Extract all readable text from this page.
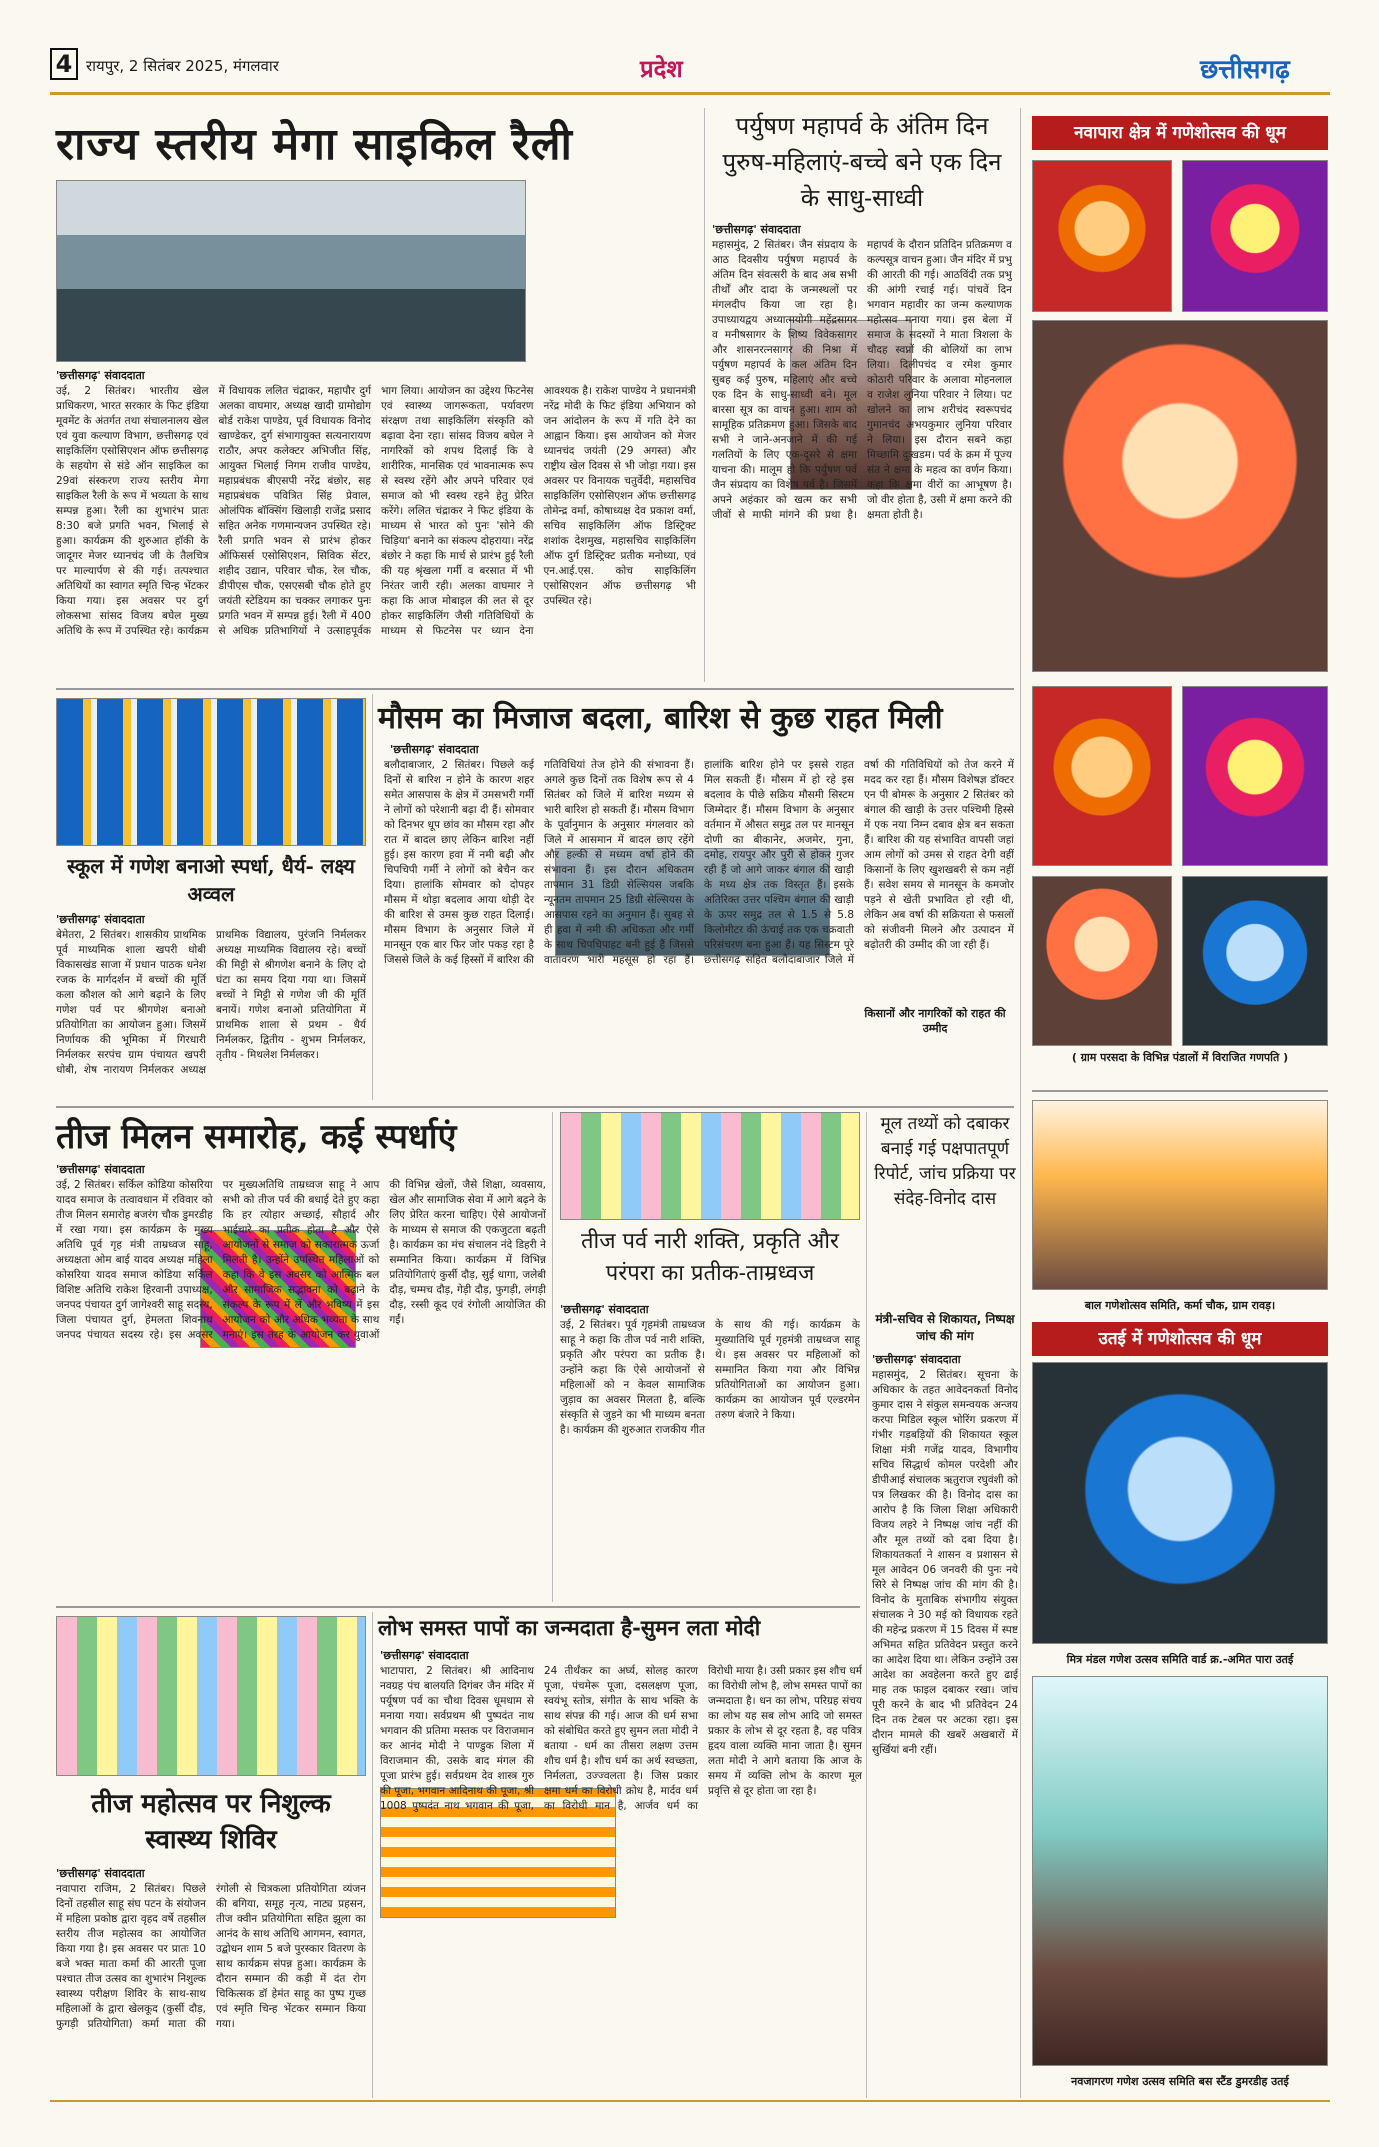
4 रायपुर, 2 सितंबर 2025, मंगलवार	प्रदेश	छत्तीसगढ़
राज्य स्तरीय मेगा साइकिल रैली
'छत्तीसगढ़' संवाददाता
उई, 2 सितंबर। भारतीय खेल प्राधिकरण, भारत सरकार के फिट इंडिया मूवमेंट के अंतर्गत तथा संचालनालय खेल एवं युवा कल्याण विभाग, छत्तीसगढ़ एवं साइकिलिंग एसोसिएशन ऑफ छत्तीसगढ़ के सहयोग से संडे ऑन साइकिल का 29वां संस्करण राज्य स्तरीय मेगा साइकिल रैली के रूप में भव्यता के साथ सम्पन्न हुआ। रैली का शुभारंभ प्रातः 8:30 बजे प्रगति भवन, भिलाई से हुआ। कार्यक्रम की शुरुआत हॉकी के जादूगर मेजर ध्यानचंद जी के तैलचित्र पर माल्यार्पण से की गई। तत्पश्चात अतिथियों का स्वागत स्मृति चिन्ह भेंटकर किया गया। इस अवसर पर दुर्ग लोकसभा सांसद विजय बघेल मुख्य अतिथि के रूप में उपस्थित रहे। कार्यक्रम में विधायक ललित चंद्राकर, महापौर दुर्ग अलका वाघमार, अध्यक्ष खादी ग्रामोद्योग बोर्ड राकेश पाण्डेय, पूर्व विधायक विनोद खाण्डेकर, दुर्ग संभागायुक्त सत्यनारायण राठौर, अपर कलेक्टर अभिजीत सिंह, आयुक्त भिलाई निगम राजीव पाण्डेय, महाप्रबंधक बीएसपी नरेंद्र बंछोर, सह महाप्रबंधक पवित्रित सिंह प्रेवाल, ओलंपिक बॉक्सिंग खिलाड़ी राजेंद्र प्रसाद सहित अनेक गणमान्यजन उपस्थित रहे। रैली प्रगति भवन से प्रारंभ होकर ऑफिसर्स एसोसिएशन, सिविक सेंटर, शहीद उद्यान, परिवार चौक, रेल चौक, डीपीएस चौक, एसएसबी चौक होते हुए जयंती स्टेडियम का चक्कर लगाकर पुनः प्रगति भवन में सम्पन्न हुई। रैली में 400 से अधिक प्रतिभागियों ने उत्साहपूर्वक भाग लिया। आयोजन का उद्देश्य फिटनेस एवं स्वास्थ्य जागरूकता, पर्यावरण संरक्षण तथा साइकिलिंग संस्कृति को बढ़ावा देना रहा। सांसद विजय बघेल ने नागरिकों को शपथ दिलाई कि वे शारीरिक, मानसिक एवं भावनात्मक रूप से स्वस्थ रहेंगे और अपने परिवार एवं समाज को भी स्वस्थ रहने हेतु प्रेरित करेंगे। ललित चंद्राकर ने फिट इंडिया के माध्यम से भारत को पुनः 'सोने की चिड़िया' बनाने का संकल्प दोहराया। नरेंद्र बंछोर ने कहा कि मार्च से प्रारंभ हुई रैली की यह श्रृंखला गर्मी व बरसात में भी निरंतर जारी रही। अलका वाघमार ने कहा कि आज मोबाइल की लत से दूर होकर साइकिलिंग जैसी गतिविधियों के माध्यम से फिटनेस पर ध्यान देना आवश्यक है। राकेश पाण्डेय ने प्रधानमंत्री नरेंद्र मोदी के फिट इंडिया अभियान को जन आंदोलन के रूप में गति देने का आह्वान किया। इस आयोजन को मेजर ध्यानचंद जयंती (29 अगस्त) और राष्ट्रीय खेल दिवस से भी जोड़ा गया। इस अवसर पर विनायक चतुर्वेदी, महासचिव साइकिलिंग एसोसिएशन ऑफ छत्तीसगढ़ तोमेन्द्र वर्मा, कोषाध्यक्ष देव प्रकाश वर्मा, सचिव साइकिलिंग ऑफ डिस्ट्रिक्ट शशांक देशमुख, महासचिव साइकिलिंग ऑफ दुर्ग डिस्ट्रिक्ट प्रतीक मनोध्या, एवं एन.आई.एस. कोच साइकिलिंग एसोसिएशन ऑफ छत्तीसगढ़ भी उपस्थित रहे।
पर्युषण महापर्व के अंतिम दिन पुरुष-महिलाएं-बच्चे बने एक दिन के साधु-साध्वी
'छत्तीसगढ़' संवाददाता
महासमुंद, 2 सितंबर। जैन संप्रदाय के आठ दिवसीय पर्युषण महापर्व के अंतिम दिन संवत्सरी के बाद अब सभी तीर्थों और दादा के जन्मस्थलों पर मंगलदीप किया जा रहा है। उपाध्यायद्वय अध्यात्मयोगी महेंद्रसागर व मनीषसागर के शिष्य विवेकसागर और शासनरत्नसागर की निश्रा में पर्युषण महापर्व के कल अंतिम दिन सुबह कई पुरुष, महिलाएं और बच्चे एक दिन के साधु-साध्वी बने। मूल बारसा सूत्र का वाचन हुआ। शाम को सामूहिक प्रतिक्रमण हुआ। जिसके बाद सभी ने जाने-अनजाने में की गई गलतियों के लिए एक-दूसरे से क्षमा याचना की। मालूम हो कि पर्युषण पर्व जैन संप्रदाय का विशेष पर्व है। जिसमें अपने अहंकार को खत्म कर सभी जीवों से माफी मांगने की प्रथा है। महापर्व के दौरान प्रतिदिन प्रतिक्रमण व कल्पसूत्र वाचन हुआ। जैन मंदिर में प्रभु की आरती की गई। आठविंदी तक प्रभु की आंगी रचाई गई। पांचवें दिन भगवान महावीर का जन्म कल्याणक महोत्सव मनाया गया। इस बेला में समाज के सदस्यों ने माता त्रिशला के चौदह स्वप्नों की बोलियों का लाभ लिया। दिलीपचंद व रमेश कुमार कोठारी परिवार के अलावा मोहनलाल व राजेश लुनिया परिवार ने लिया। पट खोलने का लाभ शरीचंद स्वरूपचंद गुमानचंद अभयकुमार लुनिया परिवार ने लिया। इस दौरान सबने कहा मिच्छामि दुःखडम। पर्व के क्रम में पूज्य संत ने क्षमा के महत्व का वर्णन किया। कहा कि क्षमा वीरों का आभूषण है। जो वीर होता है, उसी में क्षमा करने की क्षमता होती है।
नवापारा क्षेत्र में गणेशोत्सव की धूम
( ग्राम परसदा के विभिन्न पंडालों में विराजित गणपति )
बाल गणेशोत्सव समिति, कर्मा चौक, ग्राम रावड़।
उतई में गणेशोत्सव की धूम
मित्र मंडल गणेश उत्सव समिति वार्ड क्र.-अमित पारा उतई
नवजागरण गणेश उत्सव समिति बस स्टैंड डुमरडीह उतई
स्कूल में गणेश बनाओ स्पर्धा, धैर्य- लक्ष्य अव्वल
'छत्तीसगढ़' संवाददाता
बेमेतरा, 2 सितंबर। शासकीय प्राथमिक पूर्व माध्यमिक शाला खपरी धोबी विकासखंड साजा में प्रधान पाठक धनेश रजक के मार्गदर्शन में बच्चों की मूर्ति कला कौशल को आगे बढ़ाने के लिए गणेश पर्व पर श्रीगणेश बनाओ प्रतियोगिता का आयोजन हुआ। जिसमें निर्णायक की भूमिका में गिरधारी निर्मलकर सरपंच ग्राम पंचायत खपरी धोबी, शेष नारायण निर्मलकर अध्यक्ष प्राथमिक विद्यालय, पुरंजनि निर्मलकर अध्यक्ष माध्यमिक विद्यालय रहे। बच्चों की मिट्टी से श्रीगणेश बनाने के लिए दो घंटा का समय दिया गया था। जिसमें बच्चों ने मिट्टी से गणेश जी की मूर्ति बनायें। गणेश बनाओ प्रतियोगिता में प्राथमिक शाला से प्रथम - धैर्य निर्मलकर, द्वितीय - शुभम निर्मलकर, तृतीय - मिथलेश निर्मलकर।
मौसम का मिजाज बदला, बारिश से कुछ राहत मिली
'छत्तीसगढ़' संवाददाता
बलौदाबाजार, 2 सितंबर। पिछले कई दिनों से बारिश न होने के कारण शहर समेत आसपास के क्षेत्र में उमसभरी गर्मी ने लोगों को परेशानी बढ़ा दी हैं। सोमवार को दिनभर धूप छांव का मौसम रहा और रात में बादल छाए लेकिन बारिश नहीं हुई। इस कारण हवा में नमी बढ़ी और चिपचिपी गर्मी ने लोगों को बेचैन कर दिया। हालांकि सोमवार को दोपहर मौसम में थोड़ा बदलाव आया थोड़ी देर की बारिश से उमस कुछ राहत दिलाई। मौसम विभाग के अनुसार जिले में मानसून एक बार फिर जोर पकड़ रहा है जिससे जिले के कई हिस्सों में बारिश की गतिविधियां तेज होने की संभावना हैं। अगले कुछ दिनों तक विशेष रूप से 4 सितंबर को जिले में बारिश मध्यम से भारी बारिश हो सकती हैं। मौसम विभाग के पूर्वानुमान के अनुसार मंगलवार को जिले में आसमान में बादल छाए रहेंगे और हल्की से मध्यम वर्षा होने की संभावना हैं। इस दौरान अधिकतम तापमान 31 डिग्री सेल्सियस जबकि न्यूनतम तापमान 25 डिग्री सेल्सियस के आसपास रहने का अनुमान हैं। सुबह से ही हवा में नमी की अधिकता और गर्मी के साथ चिपचिपाहट बनी हुई हैं जिससे वातावरण भारी महसूस हो रहा हैं। हालांकि बारिश होने पर इससे राहत मिल सकती हैं। मौसम में हो रहे इस बदलाव के पीछे सक्रिय मौसमी सिस्टम जिम्मेदार हैं। मौसम विभाग के अनुसार वर्तमान में औसत समुद्र तल पर मानसून दोणी का बीकानेर, अजमेर, गुना, दमोह, रायपुर और पुरी से होकर गुजर रही हैं जो आगे जाकर बंगाल की खाड़ी के मध्य क्षेत्र तक विस्तृत हैं। इसके अतिरिक्त उत्तर पश्चिम बंगाल की खाड़ी के ऊपर समुद्र तल से 1.5 से 5.8 किलोमीटर की ऊंचाई तक एक चक्रवाती परिसंचरण बना हुआ हैं। यह सिस्टम पूरे छत्तीसगढ़ सहित बलौदाबाजार जिले में वर्षा की गतिविधियों को तेज करने में मदद कर रहा हैं। मौसम विशेषज्ञ डॉक्टर एन पी बोमरू के अनुसार 2 सितंबर को बंगाल की खाड़ी के उत्तर पश्चिमी हिस्से में एक नया निम्न दबाव क्षेत्र बन सकता हैं। बारिश की यह संभावित वापसी जहां आम लोगों को उमस से राहत देगी वहीं किसानों के लिए खुशखबरी से कम नहीं हैं। सवेश समय से मानसून के कमजोर पड़ने से खेती प्रभावित हो रही थी, लेकिन अब वर्षा की सक्रियता से फसलों को संजीवनी मिलने और उत्पादन में बढ़ोतरी की उम्मीद की जा रही हैं।
किसानों और नागरिकों को राहत की उम्मीद
तीज मिलन समारोह, कई स्पर्धाएं
'छत्तीसगढ़' संवाददाता
उई, 2 सितंबर। सर्किल कोडिया कोसरिया यादव समाज के तत्वावधान में रविवार को तीज मिलन समारोह बजरंग चौक डुमरडीह में रखा गया। इस कार्यक्रम के मुख्य अतिथि पूर्व गृह मंत्री ताम्रध्वज साहू, अध्यक्षता ओम बाई यादव अध्यक्ष महिला कोसरिया यादव समाज कोडिया सर्किल विशिष्ट अतिथि राकेश हिरवानी उपाध्यक्ष, जनपद पंचायत दुर्ग जागेश्वरी साहू सदस्य, जिला पंचायत दुर्ग, हेमलता शिवनाथ जनपद पंचायत सदस्य रहे। इस अवसर पर मुख्यअतिथि ताम्रध्वज साहू ने आप सभी को तीज पर्व की बधाई देते हुए कहा कि हर त्योहार अच्छाई, सौहार्द और भाईचारे का प्रतीक होता है और ऐसे आयोजनों से समाज को सकारात्मक ऊर्जा मिलती है। उन्होंने उपस्थित महिलाओं को कहा कि वे इस अवसर को आत्मिक बल और सामाजिक सद्भावना को बढ़ाने के संकल्प के रूप में लें और भविष्य में इस आयोजन को और अधिक भव्यता के साथ मनाएं। इस तरह के आयोजन कर युवाओं की विभिन्न खेलों, जैसे शिक्षा, व्यवसाय, खेल और सामाजिक सेवा में आगे बढ़ने के लिए प्रेरित करना चाहिए। ऐसे आयोजनों के माध्यम से समाज की एकजुटता बढ़ती है। कार्यक्रम का मंच संचालन नंदे डिहरी ने सम्मानित किया। कार्यक्रम में विभिन्न प्रतियोगिताएं कुर्सी दौड़, सुई धागा, जलेबी दौड़, चम्मच दौड़, गेड़ी दौड़, फुगड़ी, लंगड़ी दौड़, रस्सी कूद एवं रंगोली आयोजित की गईं।
तीज पर्व नारी शक्ति, प्रकृति और परंपरा का प्रतीक-ताम्रध्वज
'छत्तीसगढ़' संवाददाता
उई, 2 सितंबर। पूर्व गृहमंत्री ताम्रध्वज साहू ने कहा कि तीज पर्व नारी शक्ति, प्रकृति और परंपरा का प्रतीक है। उन्होंने कहा कि ऐसे आयोजनों से महिलाओं को न केवल सामाजिक जुड़ाव का अवसर मिलता है, बल्कि संस्कृति से जुड़ने का भी माध्यम बनता है। कार्यक्रम की शुरुआत राजकीय गीत के साथ की गई। कार्यक्रम के मुख्यातिथि पूर्व गृहमंत्री ताम्रध्वज साहू थे। इस अवसर पर महिलाओं को सम्मानित किया गया और विभिन्न प्रतियोगिताओं का आयोजन हुआ। कार्यक्रम का आयोजन पूर्व एल्डरमेन तरुण बंजारे ने किया।
मूल तथ्यों को दबाकर बनाई गई पक्षपातपूर्ण रिपोर्ट, जांच प्रक्रिया पर संदेह-विनोद दास
मंत्री-सचिव से शिकायत, निष्पक्ष जांच की मांग
'छत्तीसगढ़' संवाददाता
महासमुंद, 2 सितंबर। सूचना के अधिकार के तहत आवेदनकर्ता विनोद कुमार दास ने संकुल समन्वयक अन्जय करपा मिडिल स्कूल भोरिंग प्रकरण में गंभीर गड़बड़ियों की शिकायत स्कूल शिक्षा मंत्री गजेंद्र यादव, विभागीय सचिव सिद्धार्थ कोमल परदेशी और डीपीआई संचालक ऋतुराज रघुवंशी को पत्र लिखकर की है। विनोद दास का आरोप है कि जिला शिक्षा अधिकारी विजय लहरे ने निष्पक्ष जांच नहीं की और मूल तथ्यों को दबा दिया है। शिकायतकर्ता ने शासन व प्रशासन से मूल आवेदन 06 जनवरी की पुनः नये सिरे से निष्पक्ष जांच की मांग की है। विनोद के मुताबिक संभागीय संयुक्त संचालक ने 30 मई को विधायक रहते की महेन्द्र प्रकरण में 15 दिवस में स्पष्ट अभिमत सहित प्रतिवेदन प्रस्तुत करने का आदेश दिया था। लेकिन उन्होंने उस आदेश का अवहेलना करते हुए ढाई माह तक फाइल दबाकर रखा। जांच पूरी करने के बाद भी प्रतिवेदन 24 दिन तक टेबल पर अटका रहा। इस दौरान मामले की खबरें अखबारों में सुर्खियां बनी रहीं।
तीज महोत्सव पर निशुल्क स्वास्थ्य शिविर
'छत्तीसगढ़' संवाददाता
नवापारा राजिम, 2 सितंबर। पिछले दिनों तहसील साहू संघ पटन के संयोजन में महिला प्रकोष्ठ द्वारा वृहद वर्षे तहसील स्तरीय तीज महोत्सव का आयोजित किया गया है। इस अवसर पर प्रातः 10 बजे भक्त माता कर्मा की आरती पूजा पश्चात तीज उत्सव का शुभारंभ निशुल्क स्वास्थ्य परीक्षण शिविर के साथ-साथ महिलाओं के द्वारा खेलकूद (कुर्सी दौड़, फुगड़ी प्रतियोगिता) कर्मा माता की रंगोली से चित्रकला प्रतियोगिता व्यंजन की बगिया, समूह नृत्य, नाट्य प्रहसन, तीज क्वीन प्रतियोगिता सहित झूला का आनंद के साथ अतिथि आगमन, स्वागत, उद्बोधन शाम 5 बजे पुरस्कार वितरण के साथ कार्यक्रम संपन्न हुआ। कार्यक्रम के दौरान सम्मान की कड़ी में दंत रोग चिकित्सक डॉ हेमंत साहू का पुष्प गुच्छ एवं स्मृति चिन्ह भेंटकर सम्मान किया गया।
लोभ समस्त पापों का जन्मदाता है-सुमन लता मोदी
'छत्तीसगढ़' संवाददाता
भाटापारा, 2 सितंबर। श्री आदिनाथ नवग्रह पंच बालयति दिगंबर जैन मंदिर में पर्यूषण पर्व का चौथा दिवस धूमधाम से मनाया गया। सर्वप्रथम श्री पुष्पदंत नाथ भगवान की प्रतिमा मस्तक पर विराजमान कर आनंद मोदी ने पाण्डुक शिला में विराजमान की, उसके बाद मंगल की पूजा प्रारंभ हुई। सर्वप्रथम देव शास्त्र गुरु की पूजा, भगवान आदिनाथ की पूजा, श्री 1008 पुष्पदंत नाथ भगवान की पूजा, 24 तीर्थंकर का अर्घ्य, सोलह कारण पूजा, पंचमेरू पूजा, दसलक्षण पूजा, स्वयंभू स्तोत्र, संगीत के साथ भक्ति के साथ संपन्न की गई। आज की धर्म सभा को संबोधित करते हुए सुमन लता मोदी ने बताया - धर्म का तीसरा लक्षण उत्तम शौच धर्म है। शौच धर्म का अर्थ स्वच्छता, निर्मलता, उज्ज्वलता है। जिस प्रकार क्षमा धर्म का विरोधी क्रोध है, मार्दव धर्म का विरोधी मान है, आर्जव धर्म का विरोधी माया है। उसी प्रकार इस शौच धर्म का विरोधी लोभ है, लोभ समस्त पापों का जन्मदाता है। धन का लोभ, परिग्रह संचय का लोभ यह सब लोभ आदि जो समस्त प्रकार के लोभ से दूर रहता है, वह पवित्र हृदय वाला व्यक्ति माना जाता है। सुमन लता मोदी ने आगे बताया कि आज के समय में व्यक्ति लोभ के कारण मूल प्रवृत्ति से दूर होता जा रहा है।
